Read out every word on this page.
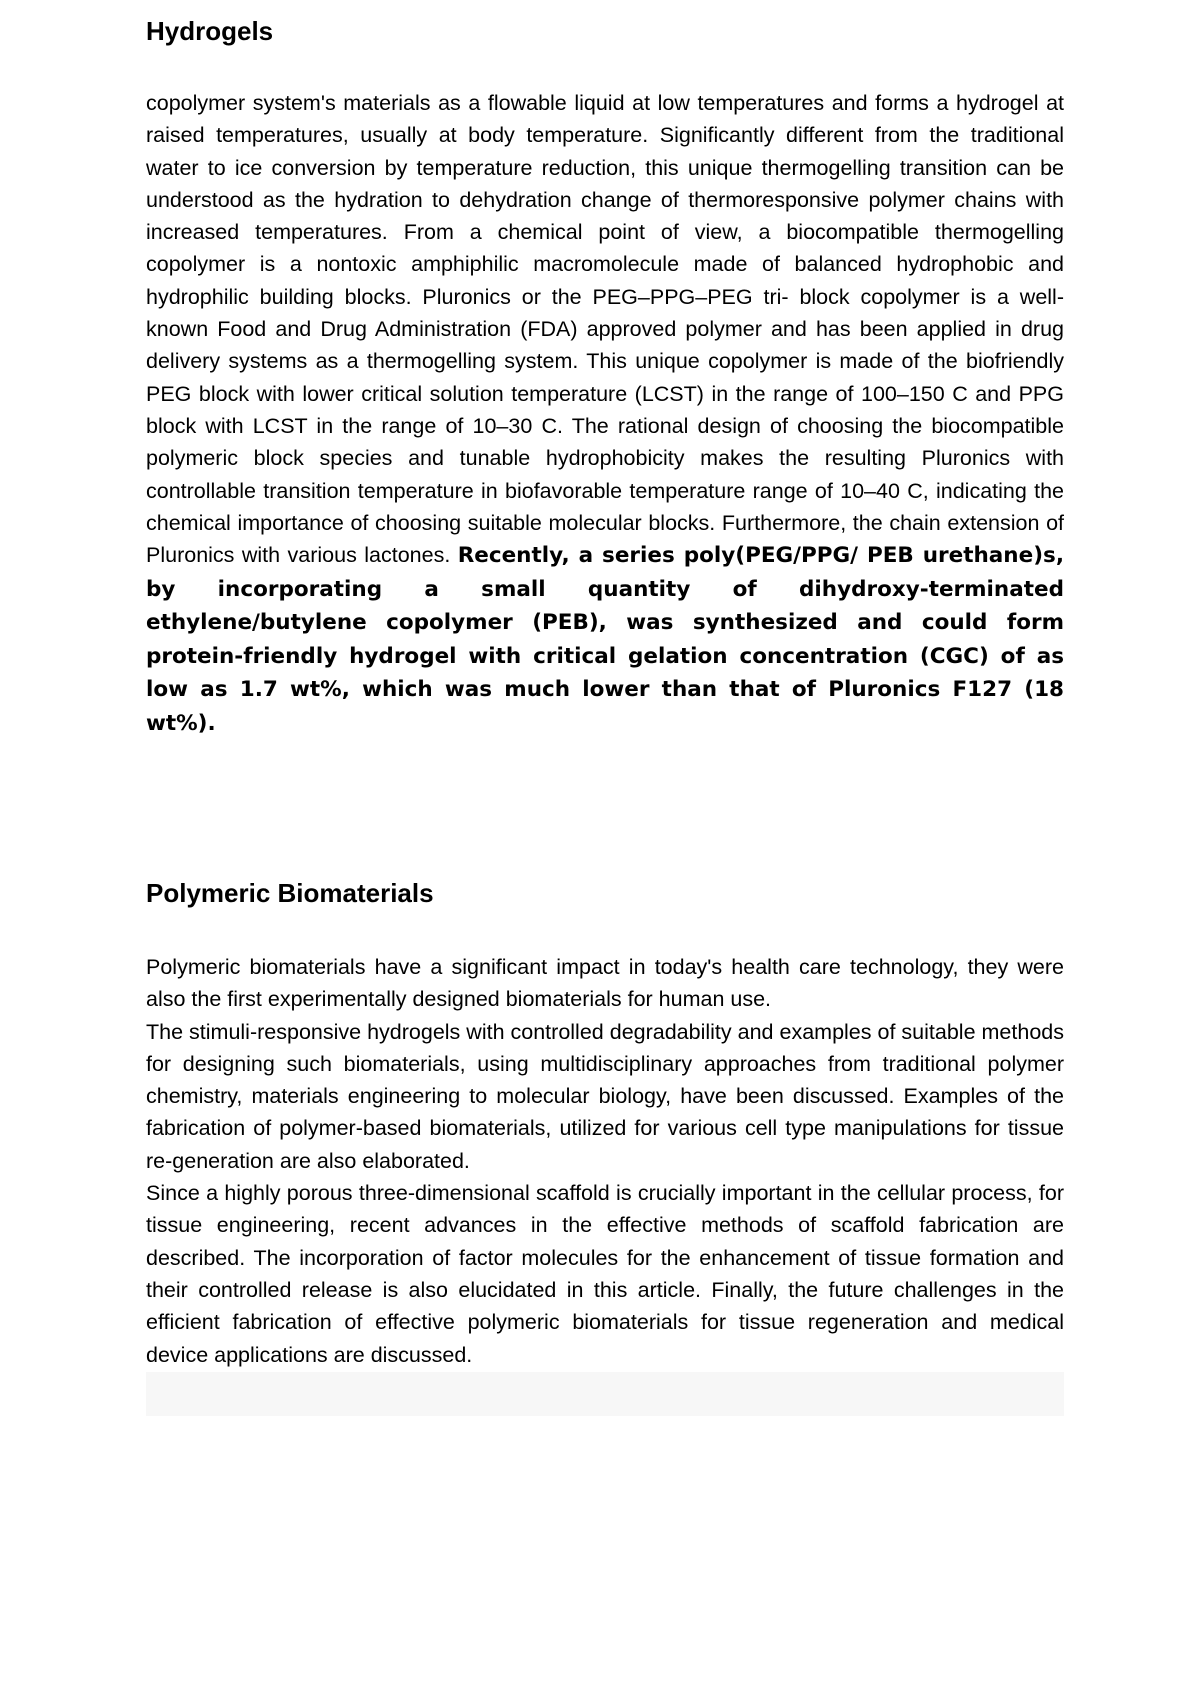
Hydrogels

copolymer system's materials as a flowable liquid at low temperatures and forms a hydrogel at raised temperatures, usually at body temperature. Significantly different from the traditional water to ice conversion by temperature reduction, this unique thermogelling transition can be understood as the hydration to dehydration change of thermoresponsive polymer chains with increased temperatures. From a chemical point of view, a biocompatible thermogelling copolymer is a nontoxic amphiphilic macromolecule made of balanced hydrophobic and hydrophilic building blocks. Pluronics or the PEG–PPG–PEG tri- block copolymer is a well-known Food and Drug Administration (FDA) approved polymer and has been applied in drug delivery systems as a thermogelling system. This unique copolymer is made of the biofriendly PEG block with lower critical solution temperature (LCST) in the range of 100–150 C and PPG block with LCST in the range of 10–30 C. The rational design of choosing the biocompatible polymeric block species and tunable hydrophobicity makes the resulting Pluronics with controllable transition temperature in biofavorable temperature range of 10–40 C, indicating the chemical importance of choosing suitable molecular blocks. Furthermore, the chain extension of Pluronics with various lactones. Recently, a series poly(PEG/PPG/ PEB urethane)s, by incorporating a small quantity of dihydroxy-terminated ethylene/butylene copolymer (PEB), was synthesized and could form protein-friendly hydrogel with critical gelation concentration (CGC) of as low as 1.7 wt%, which was much lower than that of Pluronics F127 (18 wt%).

Polymeric Biomaterials
Polymeric biomaterials have a significant impact in today's health care technology, they were also the first experimentally designed biomaterials for human use.
The stimuli-responsive hydrogels with controlled degradability and examples of suitable methods for designing such biomaterials, using multidisciplinary approaches from traditional polymer chemistry, materials engineering to molecular biology, have been discussed. Examples of the fabrication of polymer-based biomaterials, utilized for various cell type manipulations for tissue re-generation are also elaborated.
Since a highly porous three-dimensional scaffold is crucially important in the cellular process, for tissue engineering, recent advances in the effective methods of scaffold fabrication are described. The incorporation of factor molecules for the enhancement of tissue formation and their controlled release is also elucidated in this article. Finally, the future challenges in the efficient fabrication of effective polymeric biomaterials for tissue regeneration and medical device applications are discussed.
